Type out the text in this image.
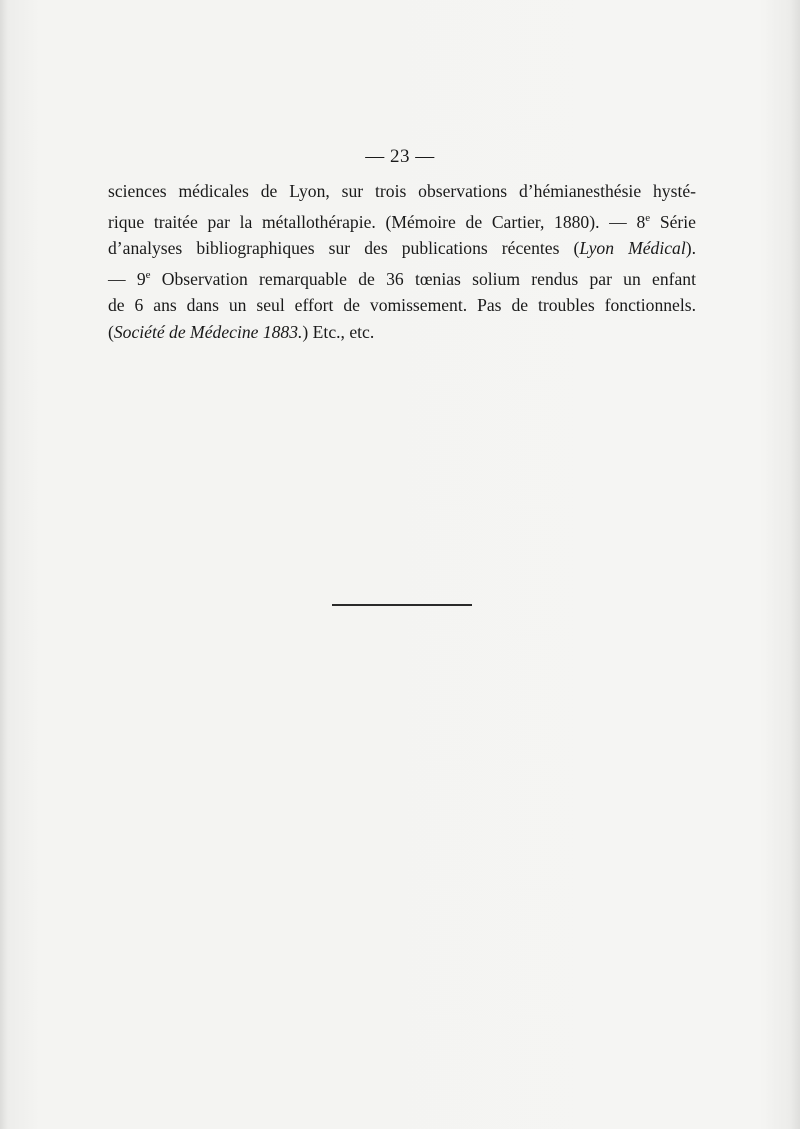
— 23 —
sciences médicales de Lyon, sur trois observations d’hémianesthésie hysté-
rique traitée par la métallothérapie. (Mémoire de Cartier, 1880). — 8e Série
d’analyses bibliographiques sur des publications récentes (Lyon Médical).
— 9e Observation remarquable de 36 tœnias solium rendus par un enfant
de 6 ans dans un seul effort de vomissement. Pas de troubles fonctionnels.
(Société de Médecine 1883.) Etc., etc.
